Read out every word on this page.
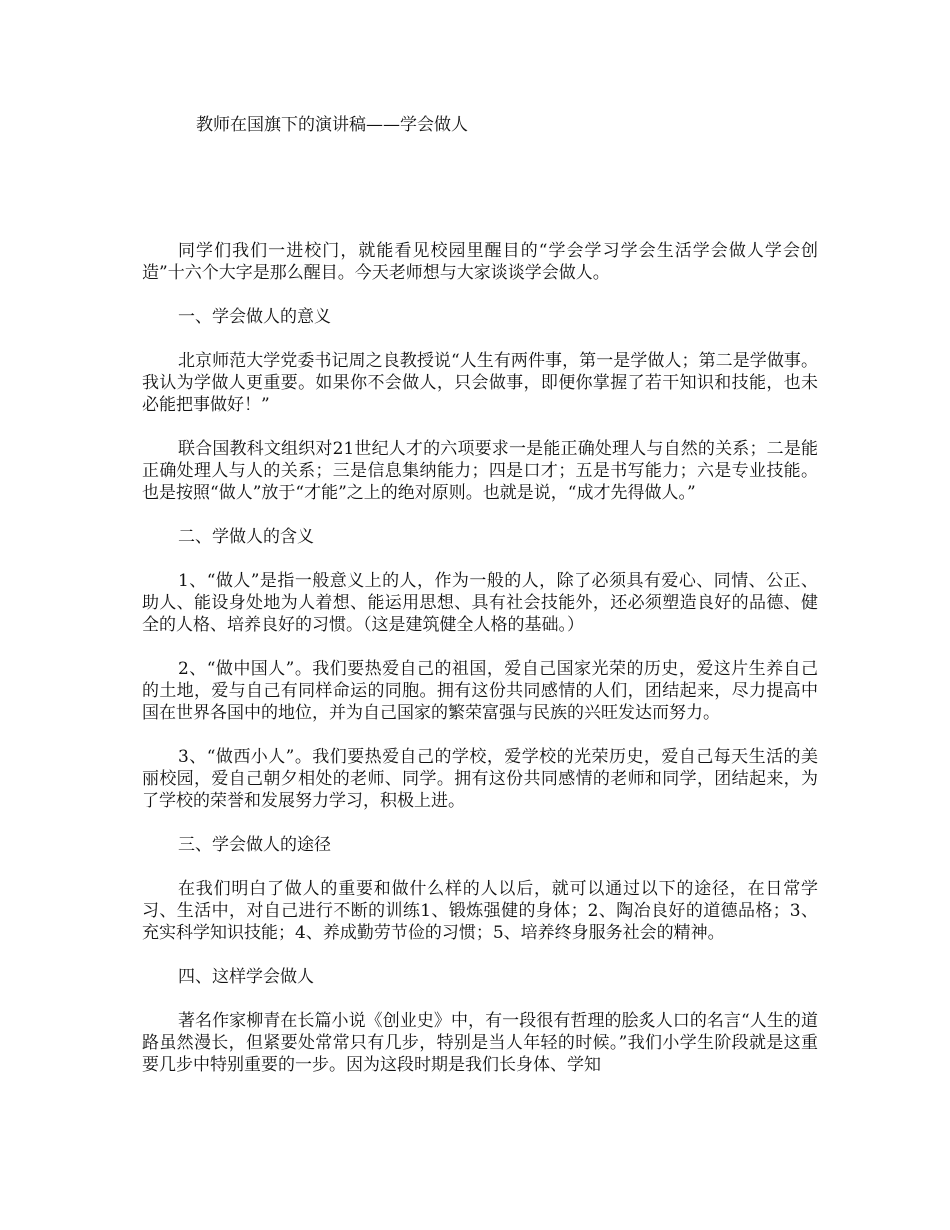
教师在国旗下的演讲稿——学会做人

同学们我们一进校门，就能看见校园里醒目的“学会学习学会生活学会做人学会创造”十六个大字是那么醒目。今天老师想与大家谈谈学会做人。

一、学会做人的意义

北京师范大学党委书记周之良教授说“人生有两件事，第一是学做人；第二是学做事。我认为学做人更重要。如果你不会做人，只会做事，即便你掌握了若干知识和技能，也未必能把事做好！”

联合国教科文组织对21世纪人才的六项要求一是能正确处理人与自然的关系；二是能正确处理人与人的关系；三是信息集纳能力；四是口才；五是书写能力；六是专业技能。也是按照“做人”放于“才能”之上的绝对原则。也就是说，“成才先得做人。”

二、学做人的含义

1、“做人”是指一般意义上的人，作为一般的人，除了必须具有爱心、同情、公正、助人、能设身处地为人着想、能运用思想、具有社会技能外，还必须塑造良好的品德、健全的人格、培养良好的习惯。（这是建筑健全人格的基础。）

2、“做中国人”。我们要热爱自己的祖国，爱自己国家光荣的历史，爱这片生养自己的土地，爱与自己有同样命运的同胞。拥有这份共同感情的人们，团结起来，尽力提高中国在世界各国中的地位，并为自己国家的繁荣富强与民族的兴旺发达而努力。

3、“做西小人”。我们要热爱自己的学校，爱学校的光荣历史，爱自己每天生活的美丽校园，爱自己朝夕相处的老师、同学。拥有这份共同感情的老师和同学，团结起来，为了学校的荣誉和发展努力学习，积极上进。

三、学会做人的途径

在我们明白了做人的重要和做什么样的人以后，就可以通过以下的途径，在日常学习、生活中，对自己进行不断的训练1、锻炼强健的身体；2、陶冶良好的道德品格；3、充实科学知识技能；4、养成勤劳节俭的习惯；5、培养终身服务社会的精神。

四、这样学会做人

著名作家柳青在长篇小说《创业史》中，有一段很有哲理的脍炙人口的名言“人生的道路虽然漫长，但紧要处常常只有几步，特别是当人年轻的时候。”我们小学生阶段就是这重要几步中特别重要的一步。因为这段时期是我们长身体、学知
